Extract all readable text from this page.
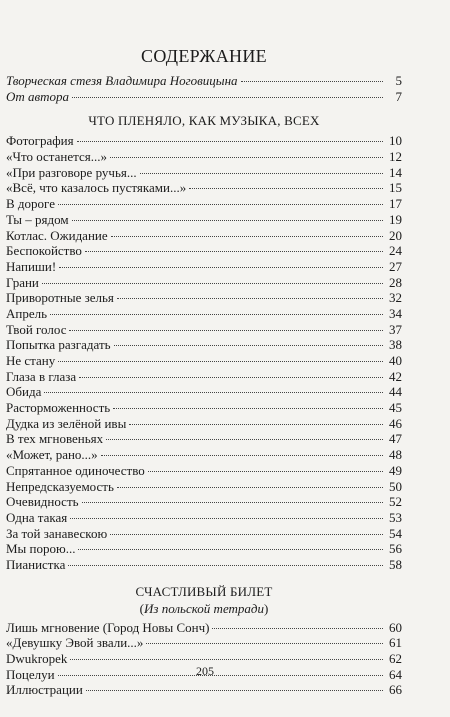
СОДЕРЖАНИЕ
Творческая стезя Владимира Ноговицына	5
От автора	7
ЧТО ПЛЕНЯЛО, КАК МУЗЫКА, ВСЕХ
Фотография	10
«Что останется...»	12
«При разговоре ручья...	14
«Всё, что казалось пустяками...»	15
В дороге	17
Ты – рядом	19
Котлас. Ожидание	20
Беспокойство	24
Напиши!	27
Грани	28
Приворотные зелья	32
Апрель	34
Твой голос	37
Попытка разгадать	38
Не стану	40
Глаза в глаза	42
Обида	44
Расторможенность	45
Дудка из зелёной ивы	46
В тех мгновеньях	47
«Может, рано...»	48
Спрятанное одиночество	49
Непредсказуемость	50
Очевидность	52
Одна такая	53
За той занавескою	54
Мы порою...	56
Пианистка	58
СЧАСТЛИВЫЙ БИЛЕТ
(Из польской тетради)
Лишь мгновение (Город Новы Сонч)	60
«Девушку Эвой звали...»	61
Dwukropek	62
Поцелуи	64
Иллюстрации	66
205
